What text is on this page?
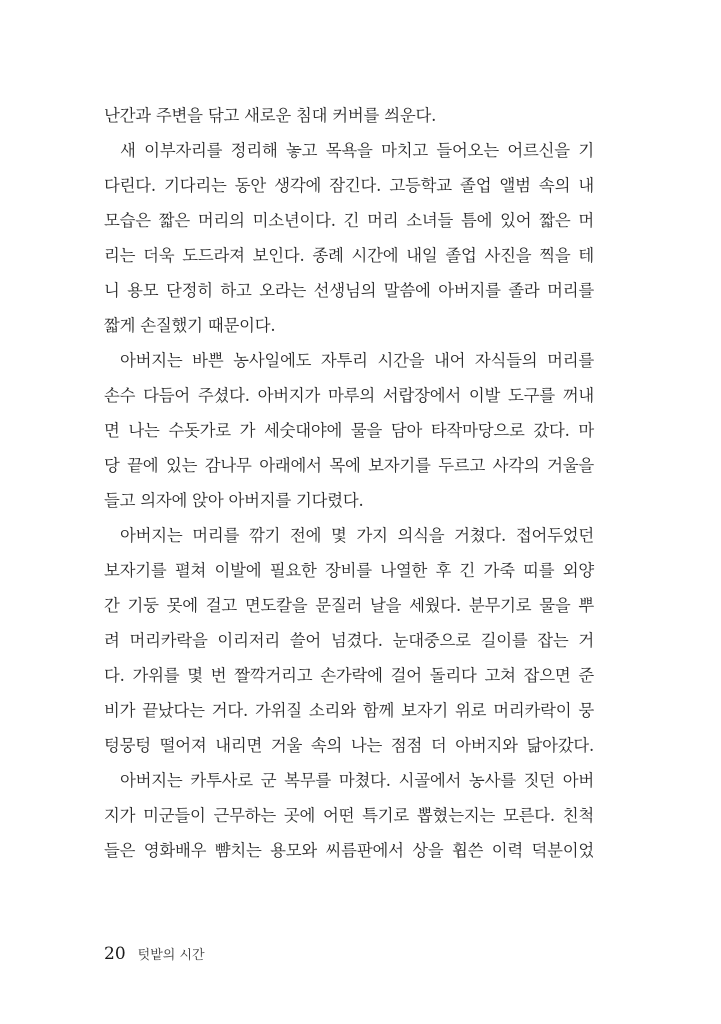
난간과 주변을 닦고 새로운 침대 커버를 씌운다.
새 이부자리를 정리해 놓고 목욕을 마치고 들어오는 어르신을 기
다린다. 기다리는 동안 생각에 잠긴다. 고등학교 졸업 앨범 속의 내
모습은 짧은 머리의 미소년이다. 긴 머리 소녀들 틈에 있어 짧은 머
리는 더욱 도드라져 보인다. 종례 시간에 내일 졸업 사진을 찍을 테
니 용모 단정히 하고 오라는 선생님의 말씀에 아버지를 졸라 머리를
짧게 손질했기 때문이다.
아버지는 바쁜 농사일에도 자투리 시간을 내어 자식들의 머리를
손수 다듬어 주셨다. 아버지가 마루의 서랍장에서 이발 도구를 꺼내
면 나는 수돗가로 가 세숫대야에 물을 담아 타작마당으로 갔다. 마
당 끝에 있는 감나무 아래에서 목에 보자기를 두르고 사각의 거울을
들고 의자에 앉아 아버지를 기다렸다.
아버지는 머리를 깎기 전에 몇 가지 의식을 거쳤다. 접어두었던
보자기를 펼쳐 이발에 필요한 장비를 나열한 후 긴 가죽 띠를 외양
간 기둥 못에 걸고 면도칼을 문질러 날을 세웠다. 분무기로 물을 뿌
려 머리카락을 이리저리 쓸어 넘겼다. 눈대중으로 길이를 잡는 거
다. 가위를 몇 번 짤깍거리고 손가락에 걸어 돌리다 고쳐 잡으면 준
비가 끝났다는 거다. 가위질 소리와 함께 보자기 위로 머리카락이 뭉
텅뭉텅 떨어져 내리면 거울 속의 나는 점점 더 아버지와 닮아갔다.
아버지는 카투사로 군 복무를 마쳤다. 시골에서 농사를 짓던 아버
지가 미군들이 근무하는 곳에 어떤 특기로 뽑혔는지는 모른다. 친척
들은 영화배우 뺨치는 용모와 씨름판에서 상을 휩쓴 이력 덕분이었
20 텃밭의 시간
